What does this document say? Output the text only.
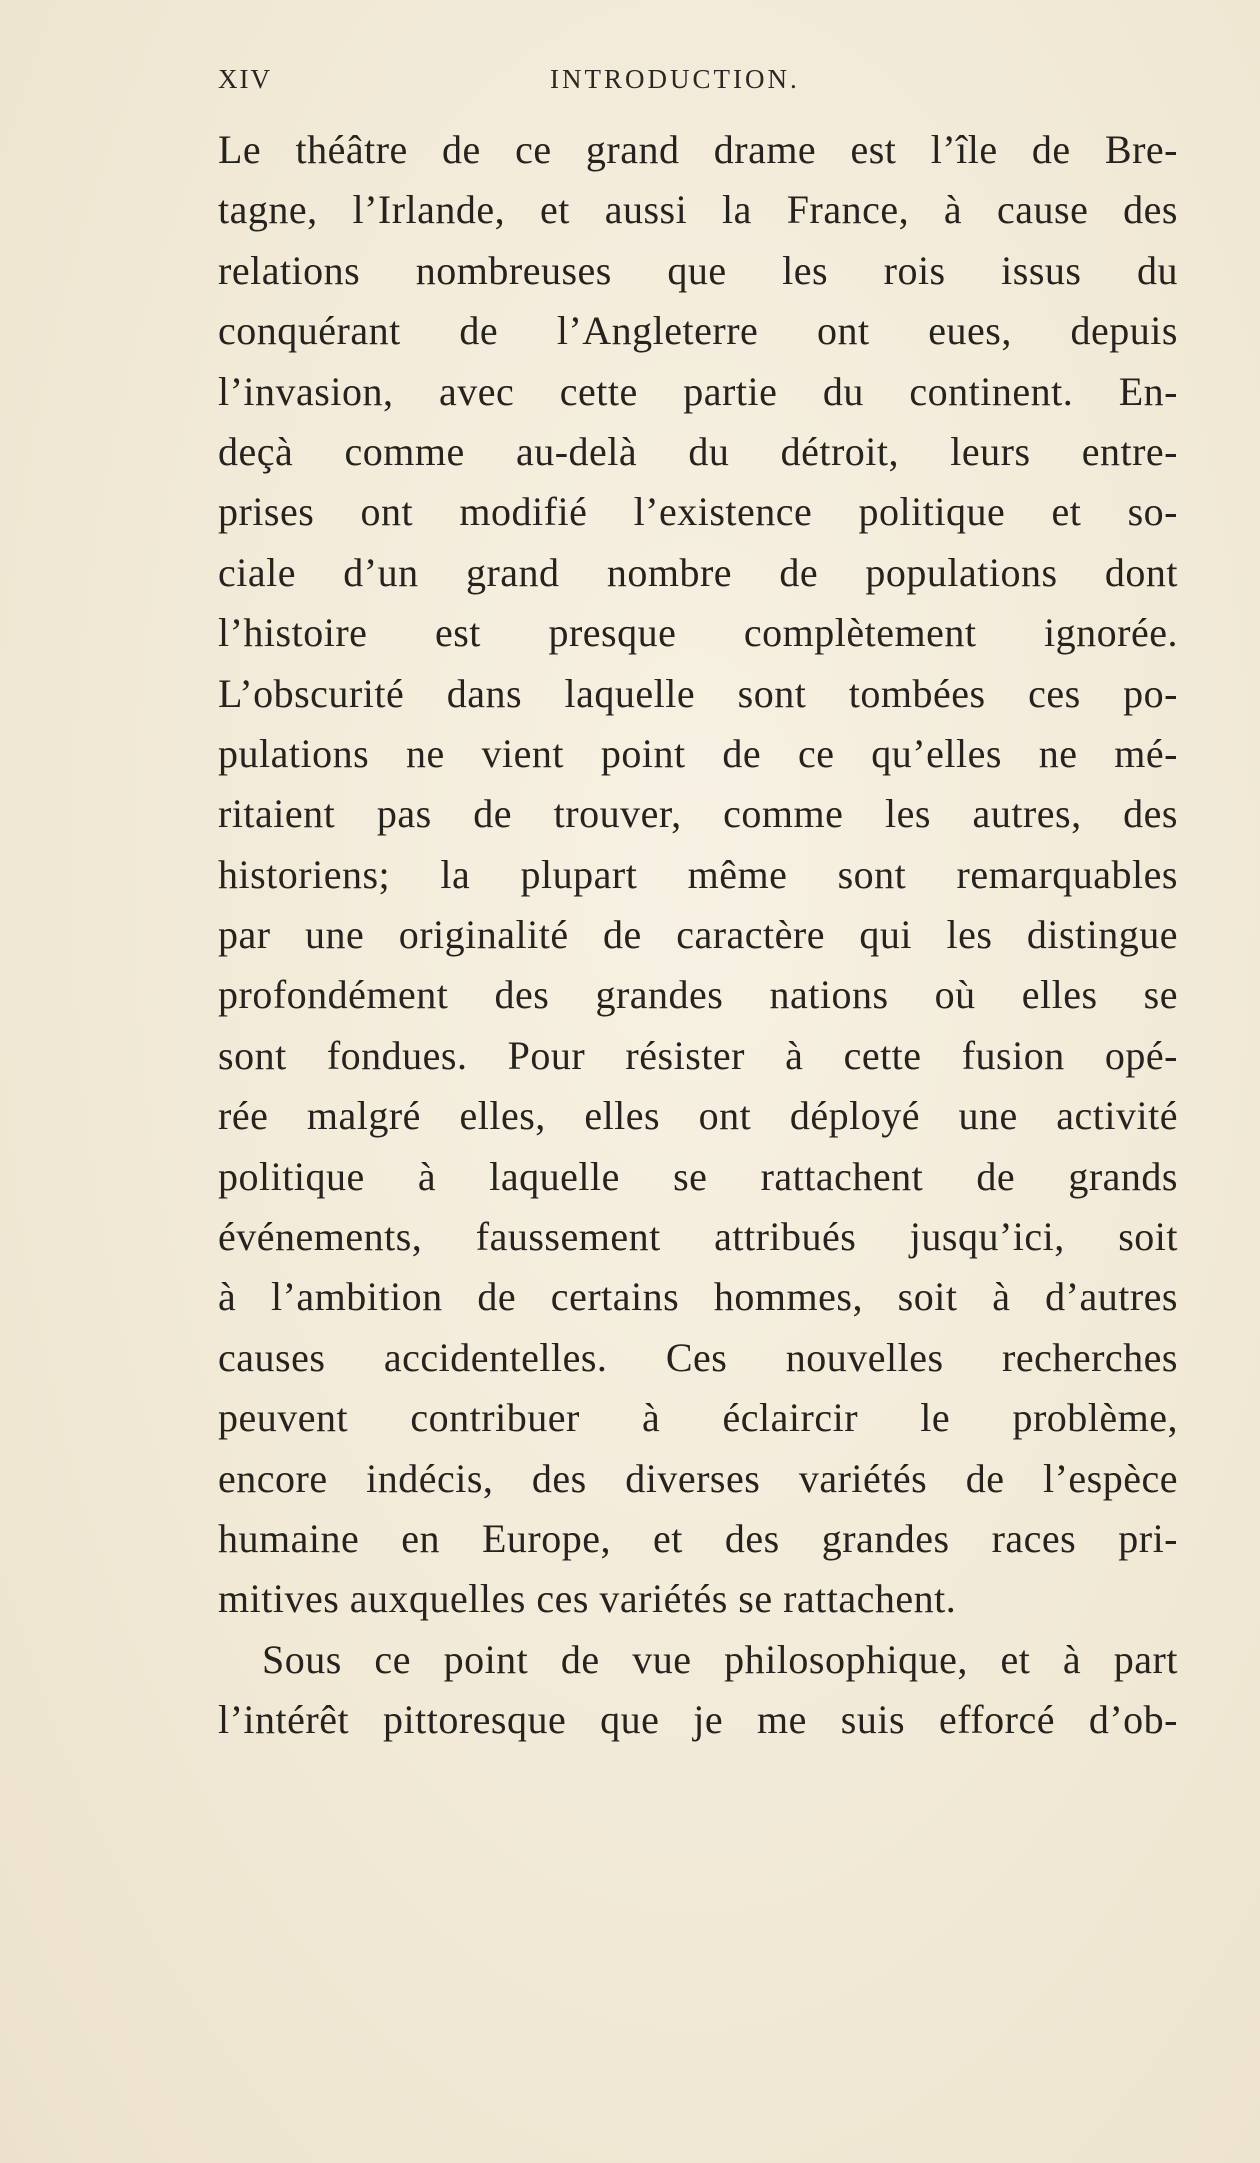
XIV	INTRODUCTION.
Le théâtre de ce grand drame est l’île de Bre-
tagne, l’Irlande, et aussi la France, à cause des
relations nombreuses que les rois issus du
conquérant de l’Angleterre ont eues, depuis
l’invasion, avec cette partie du continent. En-
deçà comme au-delà du détroit, leurs entre-
prises ont modifié l’existence politique et so-
ciale d’un grand nombre de populations dont
l’histoire est presque complètement ignorée.
L’obscurité dans laquelle sont tombées ces po-
pulations ne vient point de ce qu’elles ne mé-
ritaient pas de trouver, comme les autres, des
historiens; la plupart même sont remarquables
par une originalité de caractère qui les distingue
profondément des grandes nations où elles se
sont fondues. Pour résister à cette fusion opé-
rée malgré elles, elles ont déployé une activité
politique à laquelle se rattachent de grands
événements, faussement attribués jusqu’ici, soit
à l’ambition de certains hommes, soit à d’autres
causes accidentelles. Ces nouvelles recherches
peuvent contribuer à éclaircir le problème,
encore indécis, des diverses variétés de l’espèce
humaine en Europe, et des grandes races pri-
mitives auxquelles ces variétés se rattachent.
Sous ce point de vue philosophique, et à part
l’intérêt pittoresque que je me suis efforcé d’ob-
